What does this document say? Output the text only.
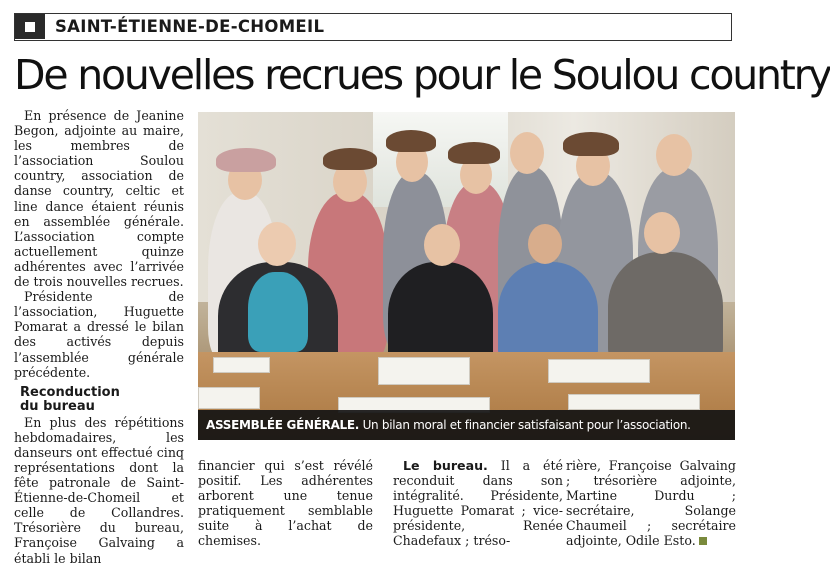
SAINT-ÉTIENNE-DE-CHOMEIL
De nouvelles recrues pour le Soulou country

En présence de Jeanine Begon, adjointe au maire, les membres de l’association Soulou country, association de danse country, celtic et line dance étaient réunis en assemblée générale. L’association compte actuellement quinze adhérentes avec l’arrivée de trois nouvelles recrues.

Présidente de l’association, Huguette Pomarat a dressé le bilan des activés depuis l’assemblée générale précédente.

Reconduction
du bureau

En plus des répétitions hebdomadaires, les danseurs ont effectué cinq représentations dont la fête patronale de Saint-Étienne-de-Chomeil et celle de Collandres. Trésorière du bureau, Françoise Galvaing a établi le bilan

ASSEMBLÉE GÉNÉRALE. Un bilan moral et financier satisfaisant pour l’association.

financier qui s’est révélé positif. Les adhérentes arborent une tenue pratiquement semblable suite à l’achat de chemises.

Le bureau. Il a été reconduit dans son intégralité. Présidente, Huguette Pomarat ; vice-présidente, Renée Chadefaux ; tréso-

rière, Françoise Galvaing ; trésorière adjointe, Martine Durdu ; secrétaire, Solange Chaumeil ; secrétaire adjointe, Odile Esto.
